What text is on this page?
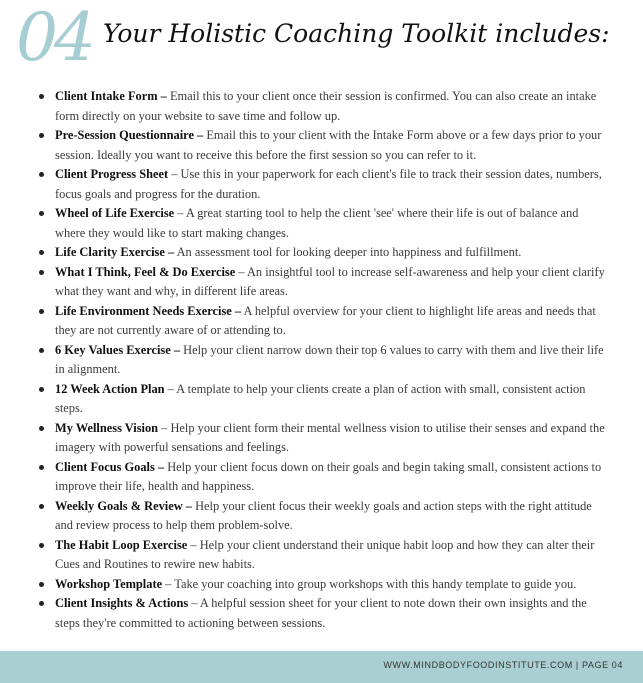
04 Your Holistic Coaching Toolkit includes:
Client Intake Form – Email this to your client once their session is confirmed. You can also create an intake form directly on your website to save time and follow up.
Pre-Session Questionnaire – Email this to your client with the Intake Form above or a few days prior to your session. Ideally you want to receive this before the first session so you can refer to it.
Client Progress Sheet – Use this in your paperwork for each client's file to track their session dates, numbers, focus goals and progress for the duration.
Wheel of Life Exercise – A great starting tool to help the client 'see' where their life is out of balance and where they would like to start making changes.
Life Clarity Exercise – An assessment tool for looking deeper into happiness and fulfillment.
What I Think, Feel & Do Exercise – An insightful tool to increase self-awareness and help your client clarify what they want and why, in different life areas.
Life Environment Needs Exercise – A helpful overview for your client to highlight life areas and needs that they are not currently aware of or attending to.
6 Key Values Exercise – Help your client narrow down their top 6 values to carry with them and live their life in alignment.
12 Week Action Plan – A template to help your clients create a plan of action with small, consistent action steps.
My Wellness Vision – Help your client form their mental wellness vision to utilise their senses and expand the imagery with powerful sensations and feelings.
Client Focus Goals – Help your client focus down on their goals and begin taking small, consistent actions to improve their life, health and happiness.
Weekly Goals & Review – Help your client focus their weekly goals and action steps with the right attitude and review process to help them problem-solve.
The Habit Loop Exercise – Help your client understand their unique habit loop and how they can alter their Cues and Routines to rewire new habits.
Workshop Template – Take your coaching into group workshops with this handy template to guide you.
Client Insights & Actions – A helpful session sheet for your client to note down their own insights and the steps they're committed to actioning between sessions.
WWW.MINDBODYFOODINSTITUTE.COM | PAGE 04
